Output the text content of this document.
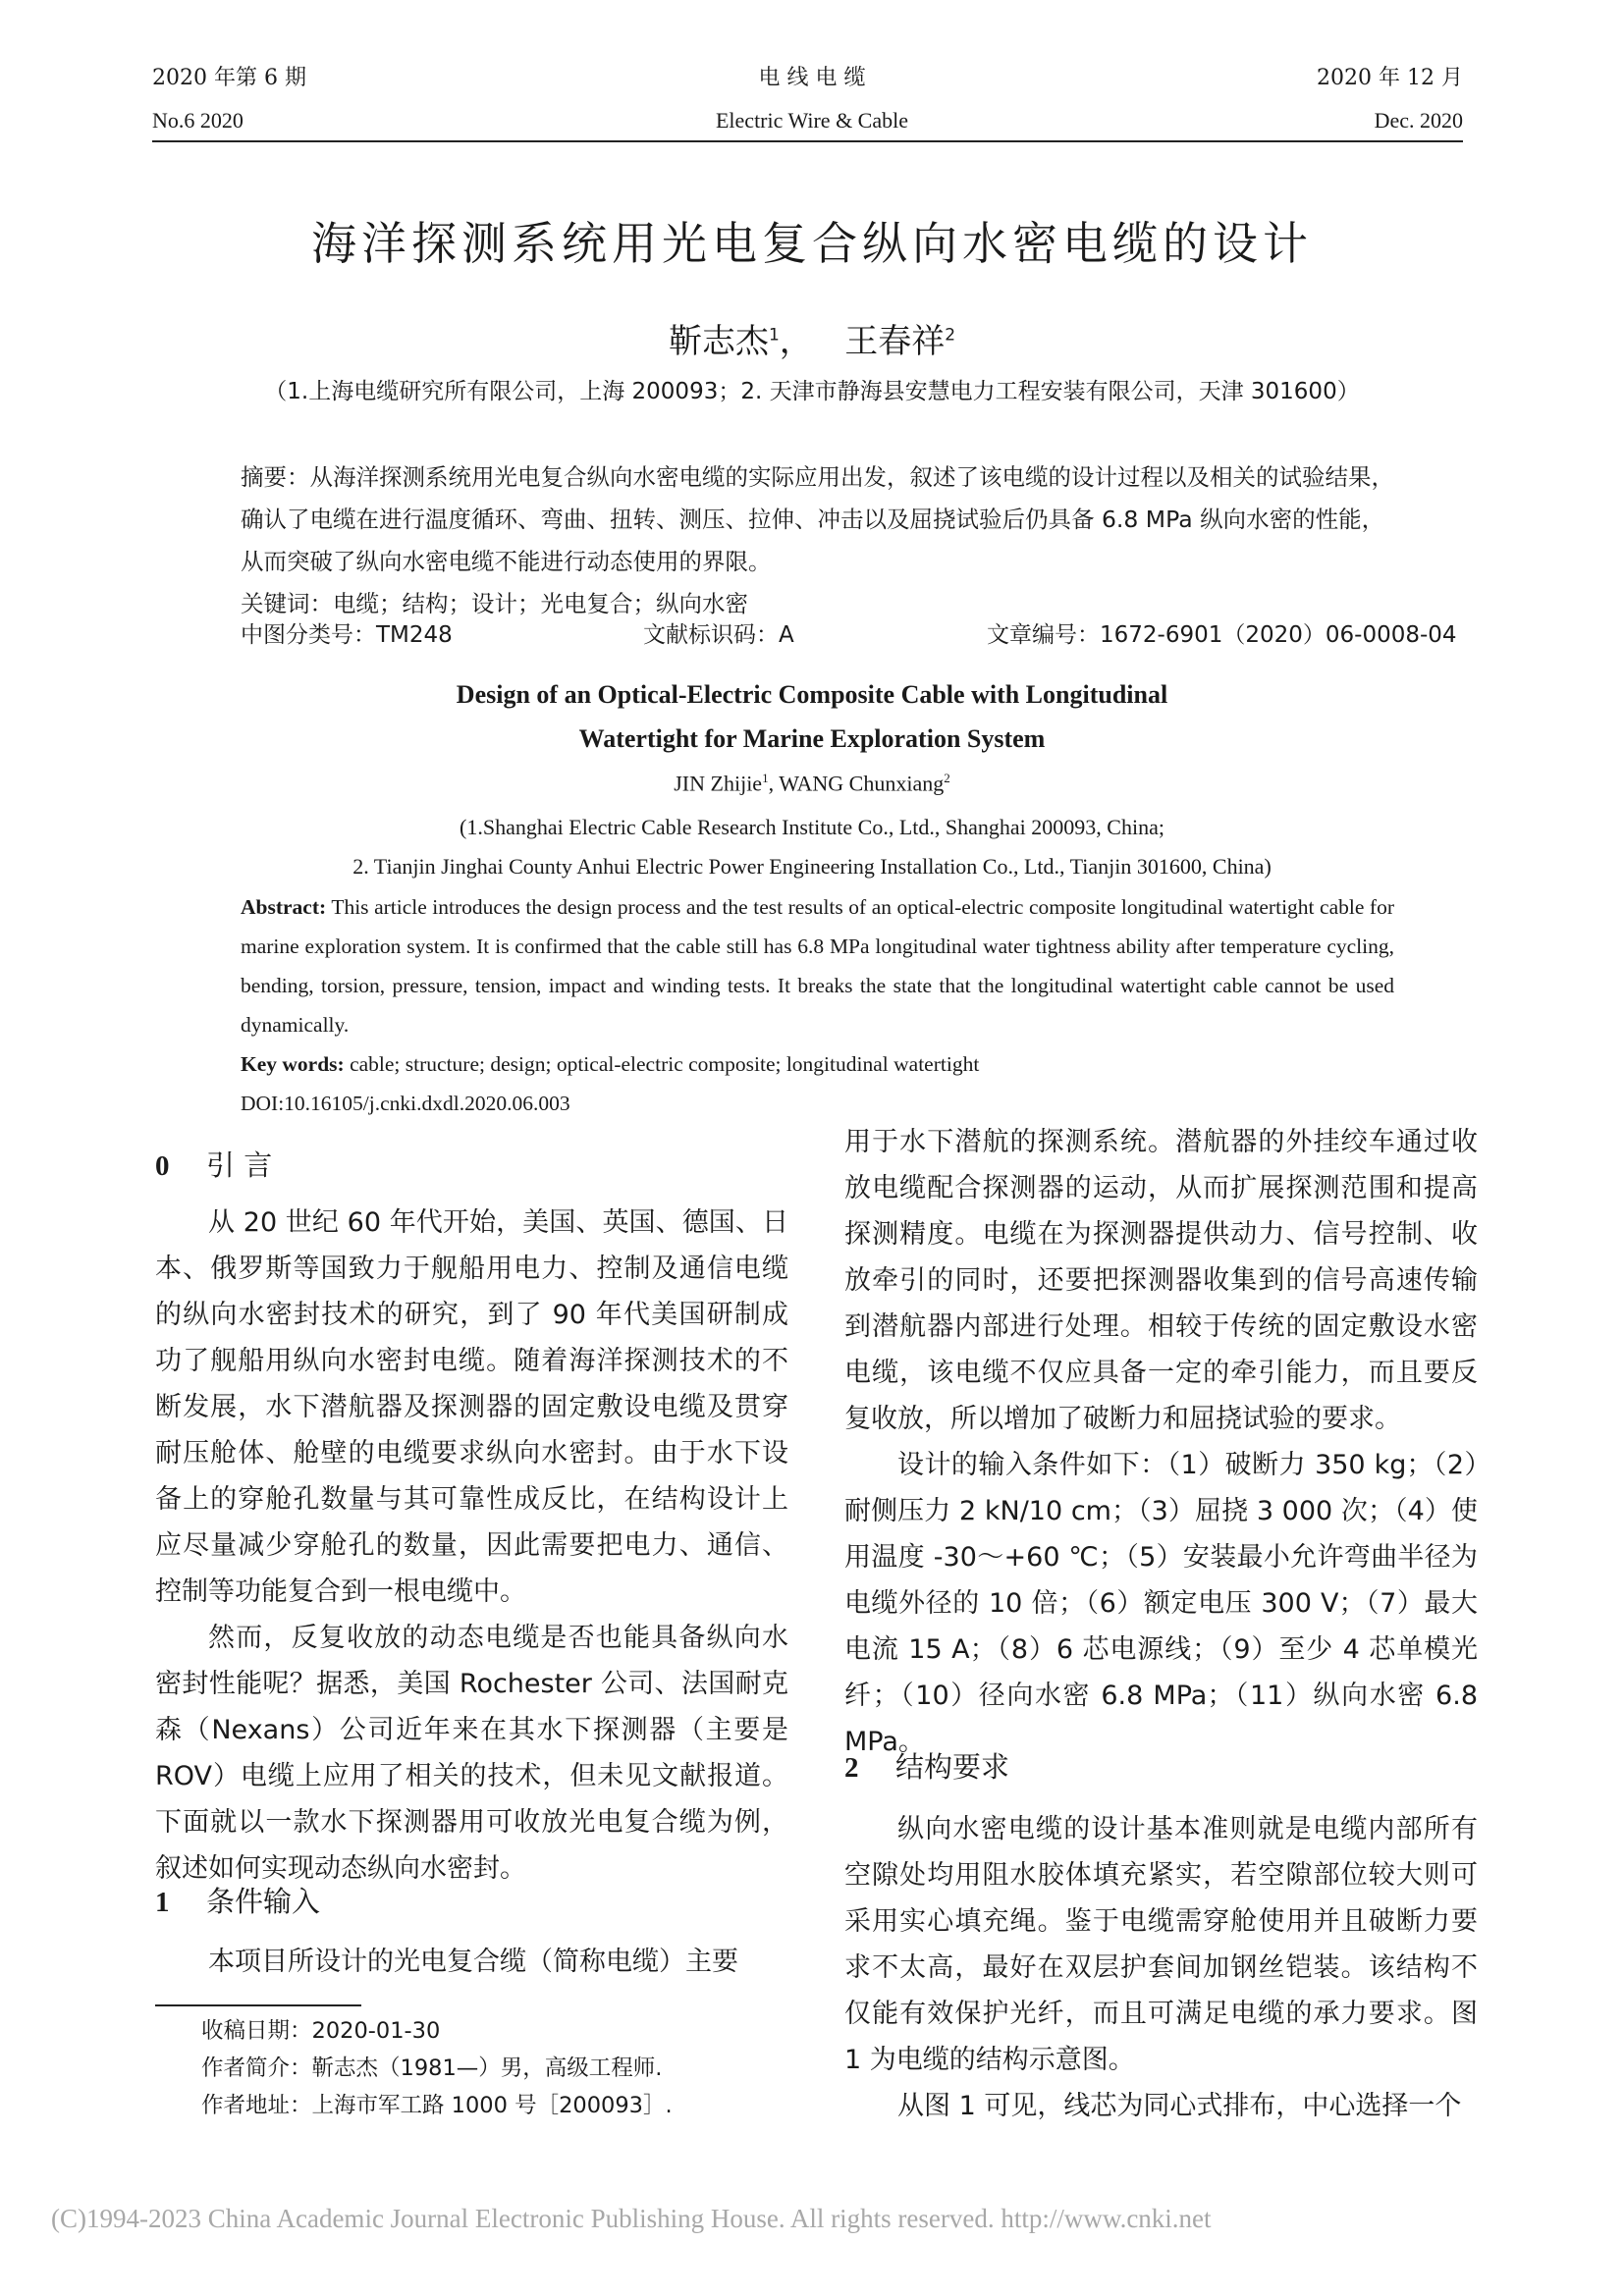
2020 年第 6 期	电 线 电 缆	2020 年 12 月
No.6 2020	Electric Wire & Cable	Dec. 2020
海洋探测系统用光电复合纵向水密电缆的设计
靳志杰$^1$， 王春祥$^2$
（1.上海电缆研究所有限公司，上海 200093；2. 天津市静海县安慧电力工程安装有限公司，天津 301600）

摘要：从海洋探测系统用光电复合纵向水密电缆的实际应用出发，叙述了该电缆的设计过程以及相关的试验结果，确认了电缆在进行温度循环、弯曲、扭转、测压、拉伸、冲击以及屈挠试验后仍具备 6.8 MPa 纵向水密的性能，从而突破了纵向水密电缆不能进行动态使用的界限。

关键词：电缆；结构；设计；光电复合；纵向水密

中图分类号：TM248	文献标识码：A	文章编号：1672-6901（2020）06-0008-04
Design of an Optical-Electric Composite Cable with Longitudinal
Watertight for Marine Exploration System
JIN Zhijie$^1$, WANG Chunxiang$^2$
(1.Shanghai Electric Cable Research Institute Co., Ltd., Shanghai 200093, China;
2. Tianjin Jinghai County Anhui Electric Power Engineering Installation Co., Ltd., Tianjin 301600, China)

Abstract: This article introduces the design process and the test results of an optical-electric composite longitudinal watertight cable for marine exploration system. It is confirmed that the cable still has 6.8 MPa longitudinal water tightness ability after temperature cycling, bending, torsion, pressure, tension, impact and winding tests. It breaks the state that the longitudinal watertight cable cannot be used dynamically.

Key words: cable; structure; design; optical-electric composite; longitudinal watertight

DOI:10.16105/j.cnki.dxdl.2020.06.003

0 引 言

从 20 世纪 60 年代开始，美国、英国、德国、日本、俄罗斯等国致力于舰船用电力、控制及通信电缆的纵向水密封技术的研究，到了 90 年代美国研制成功了舰船用纵向水密封电缆。随着海洋探测技术的不断发展，水下潜航器及探测器的固定敷设电缆及贯穿耐压舱体、舱壁的电缆要求纵向水密封。由于水下设备上的穿舱孔数量与其可靠性成反比，在结构设计上应尽量减少穿舱孔的数量，因此需要把电力、通信、控制等功能复合到一根电缆中。

然而，反复收放的动态电缆是否也能具备纵向水密封性能呢？据悉，美国 Rochester 公司、法国耐克森（Nexans）公司近年来在其水下探测器（主要是 ROV）电缆上应用了相关的技术，但未见文献报道。下面就以一款水下探测器用可收放光电复合缆为例，叙述如何实现动态纵向水密封。

1 条件输入

本项目所设计的光电复合缆（简称电缆）主要

收稿日期：2020-01-30

作者简介：靳志杰（1981—）男，高级工程师.

作者地址：上海市军工路 1000 号［200093］.

用于水下潜航的探测系统。潜航器的外挂绞车通过收放电缆配合探测器的运动，从而扩展探测范围和提高探测精度。电缆在为探测器提供动力、信号控制、收放牵引的同时，还要把探测器收集到的信号高速传输到潜航器内部进行处理。相较于传统的固定敷设水密电缆，该电缆不仅应具备一定的牵引能力，而且要反复收放，所以增加了破断力和屈挠试验的要求。

设计的输入条件如下：（1）破断力 350 kg；（2）耐侧压力 2 kN/10 cm；（3）屈挠 3 000 次；（4）使用温度 -30～+60 ℃；（5）安装最小允许弯曲半径为电缆外径的 10 倍；（6）额定电压 300 V；（7）最大电流 15 A；（8）6 芯电源线；（9）至少 4 芯单模光纤；（10）径向水密 6.8 MPa；（11）纵向水密 6.8 MPa。

2 结构要求

纵向水密电缆的设计基本准则就是电缆内部所有空隙处均用阻水胶体填充紧实，若空隙部位较大则可采用实心填充绳。鉴于电缆需穿舱使用并且破断力要求不太高，最好在双层护套间加钢丝铠装。该结构不仅能有效保护光纤，而且可满足电缆的承力要求。图 1 为电缆的结构示意图。

从图 1 可见，线芯为同心式排布，中心选择一个

(C)1994-2023 China Academic Journal Electronic Publishing House. All rights reserved. http://www.cnki.net
